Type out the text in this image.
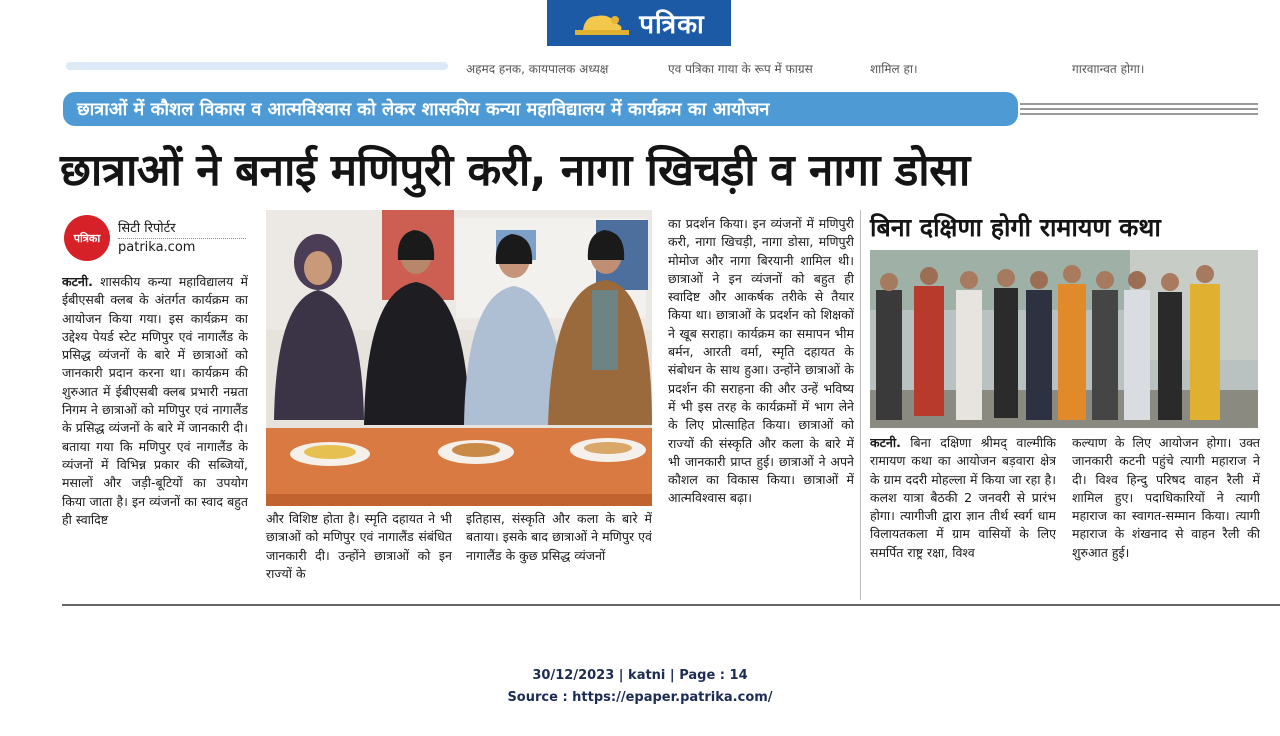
पत्रिका
अहमद हनक, कायपालक अध्यक्ष	एव पत्रिका गाया के रूप में फाग्रस	शामिल हा।	गारवाान्वत होगा।
छात्राओं में कौशल विकास व आत्मविश्वास को लेकर शासकीय कन्या महाविद्यालय में कार्यक्रम का आयोजन
छात्राओं ने बनाई मणिपुरी करी, नागा खिचड़ी व नागा डोसा
पत्रिका
सिटी रिपोर्टर
patrika.com
कटनी. शासकीय कन्या महाविद्यालय में ईबीएसबी क्लब के अंतर्गत कार्यक्रम का आयोजन किया गया। इस कार्यक्रम का उद्देश्य पेयर्ड स्टेट मणिपुर एवं नागालैंड के प्रसिद्ध व्यंजनों के बारे में छात्राओं को जानकारी प्रदान करना था। कार्यक्रम की शुरुआत में ईबीएसबी क्लब प्रभारी नम्रता निगम ने छात्राओं को मणिपुर एवं नागालैंड के प्रसिद्ध व्यंजनों के बारे में जानकारी दी। बताया गया कि मणिपुर एवं नागालैंड के व्यंजनों में विभिन्न प्रकार की सब्जियों, मसालों और जड़ी-बूटियों का उपयोग किया जाता है। इन व्यंजनों का स्वाद बहुत ही स्वादिष्ट	और विशिष्ट होता है। स्मृति दहायत ने भी छात्राओं को मणिपुर एवं नागालैंड संबंधित जानकारी दी। उन्होंने छात्राओं को इन राज्यों के
इतिहास, संस्कृति और कला के बारे में बताया। इसके बाद छात्राओं ने मणिपुर एवं नागालैंड के कुछ प्रसिद्ध व्यंजनों
का प्रदर्शन किया। इन व्यंजनों में मणिपुरी करी, नागा खिचड़ी, नागा डोसा, मणिपुरी मोमोज और नागा बिरयानी शामिल थी। छात्राओं ने इन व्यंजनों को बहुत ही स्वादिष्ट और आकर्षक तरीके से तैयार किया था। छात्राओं के प्रदर्शन को शिक्षकों ने खूब सराहा। कार्यक्रम का समापन भीम बर्मन, आरती वर्मा, स्मृति दहायत के संबोधन के साथ हुआ। उन्होंने छात्राओं के प्रदर्शन की सराहना की और उन्हें भविष्य में भी इस तरह के कार्यक्रमों में भाग लेने के लिए प्रोत्साहित किया। छात्राओं को राज्यों की संस्कृति और कला के बारे में भी जानकारी प्राप्त हुई। छात्राओं ने अपने कौशल का विकास किया। छात्राओं में आत्मविश्वास बढ़ा।
बिना दक्षिणा होगी रामायण कथा
कटनी. बिना दक्षिणा श्रीमद् वाल्मीकि रामायण कथा का आयोजन बड़वारा क्षेत्र के ग्राम ददरी मोहल्ला में किया जा रहा है। कलश यात्रा बैठकी 2 जनवरी से प्रारंभ होगा। त्यागीजी द्वारा ज्ञान तीर्थ स्वर्ग धाम विलायतकला में ग्राम वासियों के लिए समर्पित राष्ट्र रक्षा, विश्व
कल्याण के लिए आयोजन होगा। उक्त जानकारी कटनी पहुंचे त्यागी महाराज ने दी। विश्व हिन्दु परिषद वाहन रैली में शामिल हुए। पदाधिकारियों ने त्यागी महाराज का स्वागत-सम्मान किया। त्यागी महाराज के शंखनाद से वाहन रैली की शुरुआत हुई।
30/12/2023 | katni | Page : 14
Source : https://epaper.patrika.com/
